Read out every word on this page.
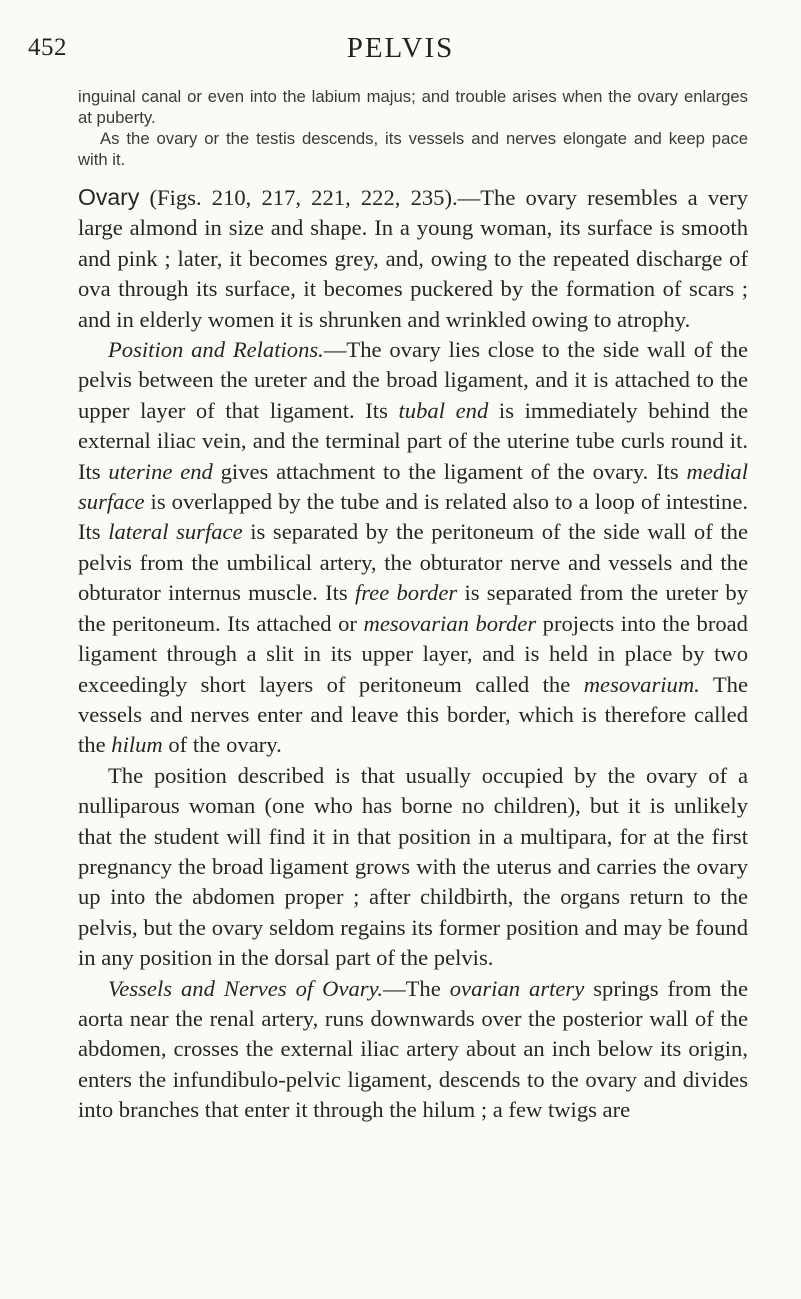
452	PELVIS

inguinal canal or even into the labium majus; and trouble arises when the ovary enlarges at puberty.

As the ovary or the testis descends, its vessels and nerves elongate and keep pace with it.

Ovary (Figs. 210, 217, 221, 222, 235).—The ovary resembles a very large almond in size and shape. In a young woman, its surface is smooth and pink ; later, it becomes grey, and, owing to the repeated discharge of ova through its surface, it becomes puckered by the formation of scars ; and in elderly women it is shrunken and wrinkled owing to atrophy.

Position and Relations.—The ovary lies close to the side wall of the pelvis between the ureter and the broad ligament, and it is attached to the upper layer of that ligament. Its tubal end is immediately behind the external iliac vein, and the terminal part of the uterine tube curls round it. Its uterine end gives attachment to the ligament of the ovary. Its medial surface is overlapped by the tube and is related also to a loop of intestine. Its lateral surface is separated by the peritoneum of the side wall of the pelvis from the umbilical artery, the obturator nerve and vessels and the obturator internus muscle. Its free border is separated from the ureter by the peritoneum. Its attached or mesovarian border projects into the broad ligament through a slit in its upper layer, and is held in place by two exceedingly short layers of peritoneum called the mesovarium. The vessels and nerves enter and leave this border, which is therefore called the hilum of the ovary.

The position described is that usually occupied by the ovary of a nulliparous woman (one who has borne no children), but it is unlikely that the student will find it in that position in a multipara, for at the first pregnancy the broad ligament grows with the uterus and carries the ovary up into the abdomen proper ; after childbirth, the organs return to the pelvis, but the ovary seldom regains its former position and may be found in any position in the dorsal part of the pelvis.

Vessels and Nerves of Ovary.—The ovarian artery springs from the aorta near the renal artery, runs downwards over the posterior wall of the abdomen, crosses the external iliac artery about an inch below its origin, enters the infundibulo-pelvic ligament, descends to the ovary and divides into branches that enter it through the hilum ; a few twigs are
